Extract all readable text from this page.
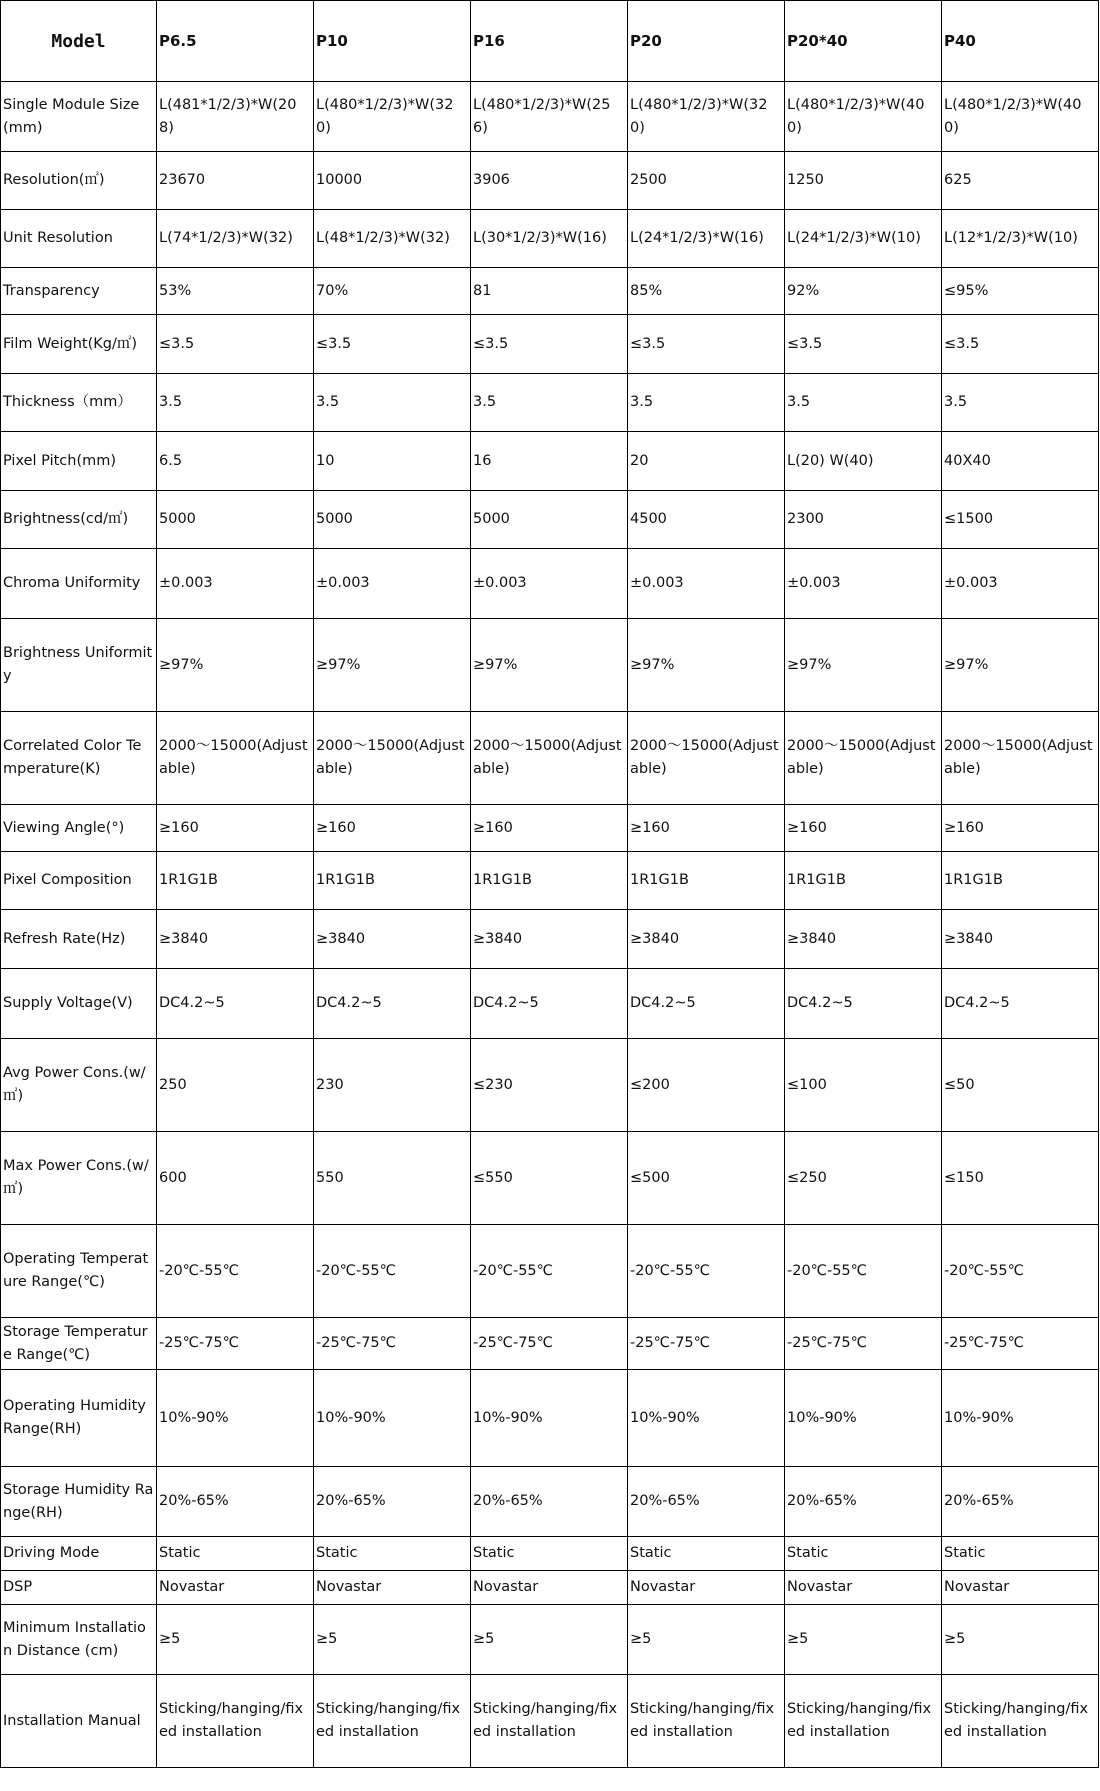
Model	P6.5	P10	P16	P20	P20*40	P40
Single Module Size(mm)	L(481*1/2/3)*W(208)	L(480*1/2/3)*W(320)	L(480*1/2/3)*W(256)	L(480*1/2/3)*W(320)	L(480*1/2/3)*W(400)	L(480*1/2/3)*W(400)
Resolution(㎡)	23670	10000	3906	2500	1250	625
Unit Resolution	L(74*1/2/3)*W(32)	L(48*1/2/3)*W(32)	L(30*1/2/3)*W(16)	L(24*1/2/3)*W(16)	L(24*1/2/3)*W(10)	L(12*1/2/3)*W(10)
Transparency	53%	70%	81	85%	92%	≤95%
Film Weight(Kg/㎡)	≤3.5	≤3.5	≤3.5	≤3.5	≤3.5	≤3.5
Thickness（mm）	3.5	3.5	3.5	3.5	3.5	3.5
Pixel Pitch(mm)	6.5	10	16	20	L(20) W(40)	40X40
Brightness(cd/㎡)	5000	5000	5000	4500	2300	≤1500
Chroma Uniformity	±0.003	±0.003	±0.003	±0.003	±0.003	±0.003
Brightness Uniformity	≥97%	≥97%	≥97%	≥97%	≥97%	≥97%
Correlated Color Temperature(K)	2000～15000(Adjustable)	2000～15000(Adjustable)	2000～15000(Adjustable)	2000～15000(Adjustable)	2000～15000(Adjustable)	2000～15000(Adjustable)
Viewing Angle(°)	≥160	≥160	≥160	≥160	≥160	≥160
Pixel Composition	1R1G1B	1R1G1B	1R1G1B	1R1G1B	1R1G1B	1R1G1B
Refresh Rate(Hz)	≥3840	≥3840	≥3840	≥3840	≥3840	≥3840
Supply Voltage(V)	DC4.2~5	DC4.2~5	DC4.2~5	DC4.2~5	DC4.2~5	DC4.2~5
Avg Power Cons.(w/㎡)	250	230	≤230	≤200	≤100	≤50
Max Power Cons.(w/㎡)	600	550	≤550	≤500	≤250	≤150
Operating Temperature Range(℃)	-20℃-55℃	-20℃-55℃	-20℃-55℃	-20℃-55℃	-20℃-55℃	-20℃-55℃
Storage Temperature Range(℃)	-25℃-75℃	-25℃-75℃	-25℃-75℃	-25℃-75℃	-25℃-75℃	-25℃-75℃
Operating Humidity Range(RH)	10%-90%	10%-90%	10%-90%	10%-90%	10%-90%	10%-90%
Storage Humidity Range(RH)	20%-65%	20%-65%	20%-65%	20%-65%	20%-65%	20%-65%
Driving Mode	Static	Static	Static	Static	Static	Static
DSP	Novastar	Novastar	Novastar	Novastar	Novastar	Novastar
Minimum Installation Distance (cm)	≥5	≥5	≥5	≥5	≥5	≥5
Installation Manual	Sticking/hanging/fixed installation	Sticking/hanging/fixed installation	Sticking/hanging/fixed installation	Sticking/hanging/fixed installation	Sticking/hanging/fixed installation	Sticking/hanging/fixed installation
